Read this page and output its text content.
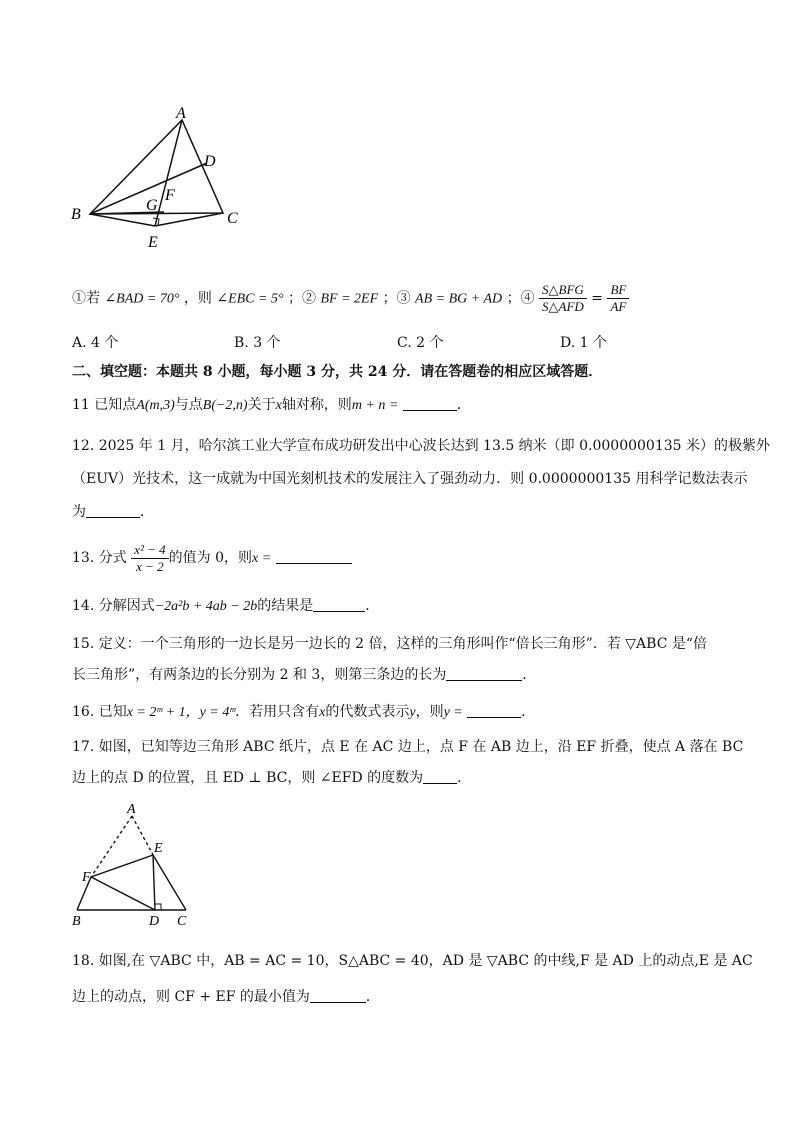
A
B	C
D
E
F
G
①若 ∠BAD = 70° ，则 ∠EBC = 5° ；② BF = 2EF ；③ AB = BG + AD ；④ $\frac{\text{S△BFG}}{\text{S△AFD}} = \frac{BF}{AF}$
A. 4 个	B. 3 个	C. 2 个	D. 1 个
二、填空题：本题共 8 小题，每小题 3 分，共 24 分．请在答题卷的相应区域答题．
11 已知点A(m,3)与点B(−2,n)关于x轴对称，则m + n =	．
12. 2025 年 1 月，哈尔滨工业大学宣布成功研发出中心波长达到 13.5 纳米（即 0.0000000135 米）的极紫外
（EUV）光技术，这一成就为中国光刻机技术的发展注入了强劲动力．则 0.0000000135 用科学记数法表示
为	．
13. 分式 $\frac{\text{x² − 4}}{x - 2}$ 的值为 0，则x =
14. 分解因式−2a²b + 4ab − 2b的结果是	．
15. 定义：一个三角形的一边长是另一边长的 2 倍，这样的三角形叫作“倍长三角形”．若 ▽ABC 是“倍
长三角形”，有两条边的长分别为 2 和 3，则第三条边的长为	．
16. 已知x = 2ᵐ + 1，y = 4ᵐ．若用只含有x的代数式表示y，则y =	．
17. 如图，已知等边三角形 ABC 纸片，点 E 在 AC 边上，点 F 在 AB 边上，沿 EF 折叠，使点 A 落在 BC
边上的点 D 的位置，且 ED ⊥ BC，则 ∠EFD 的度数为 ．
A
E
F
B	D C
18. 如图,在 ▽ABC 中，AB = AC = 10，S△ABC = 40，AD 是 ▽ABC 的中线,F 是 AD 上的动点,E 是 AC
边上的动点，则 CF + EF 的最小值为	．
